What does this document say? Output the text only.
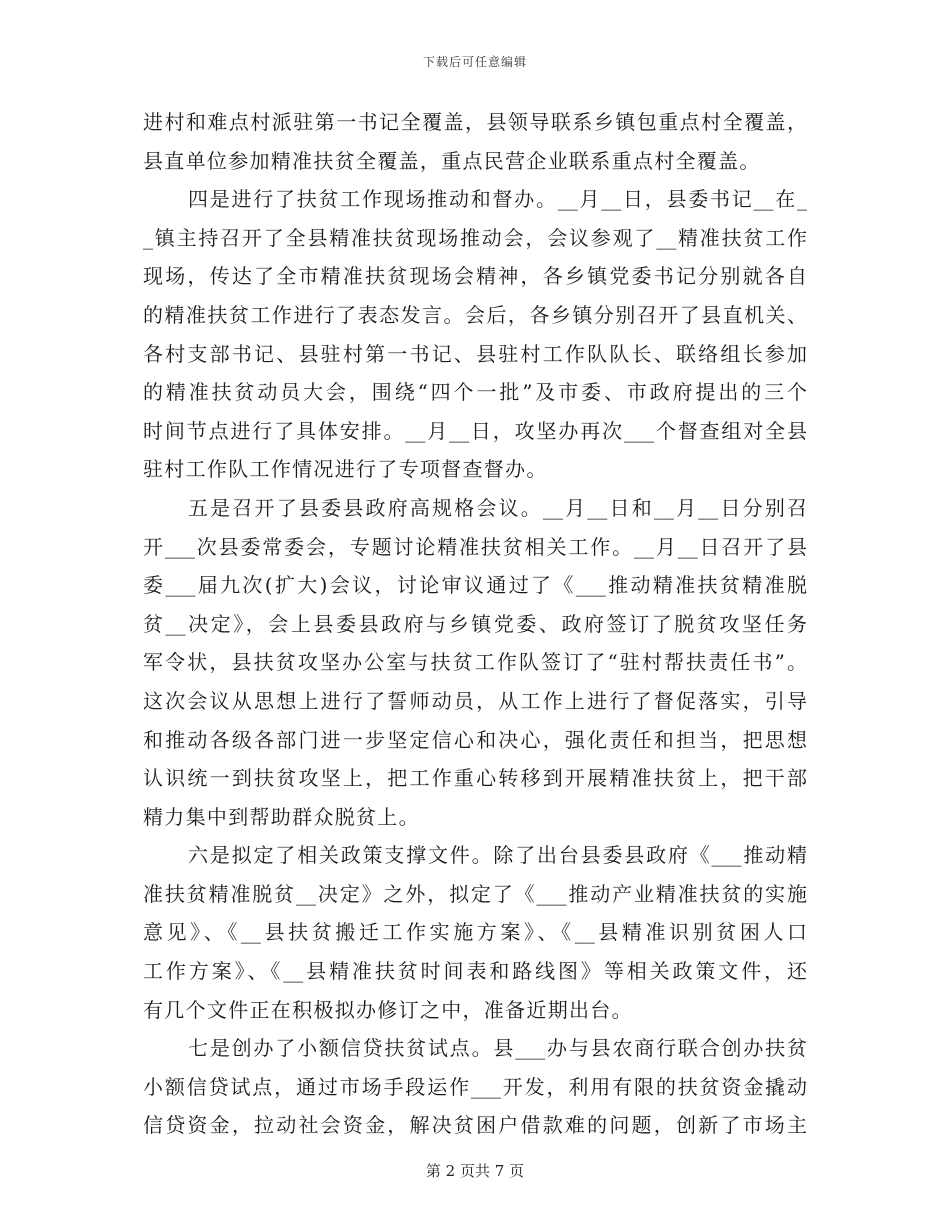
下载后可任意编辑
进村和难点村派驻第一书记全覆盖，县领导联系乡镇包重点村全覆盖，
县直单位参加精准扶贫全覆盖，重点民营企业联系重点村全覆盖。
四是进行了扶贫工作现场推动和督办。__月__日，县委书记__在_
_镇主持召开了全县精准扶贫现场推动会，会议参观了__精准扶贫工作
现场，传达了全市精准扶贫现场会精神，各乡镇党委书记分别就各自
的精准扶贫工作进行了表态发言。会后，各乡镇分别召开了县直机关、
各村支部书记、县驻村第一书记、县驻村工作队队长、联络组长参加
的精准扶贫动员大会，围绕“四个一批”及市委、市政府提出的三个
时间节点进行了具体安排。__月__日，攻坚办再次___个督查组对全县
驻村工作队工作情况进行了专项督查督办。
五是召开了县委县政府高规格会议。__月__日和__月__日分别召
开___次县委常委会，专题讨论精准扶贫相关工作。__月__日召开了县
委___届九次(扩大)会议，讨论审议通过了《___推动精准扶贫精准脱
贫__决定》，会上县委县政府与乡镇党委、政府签订了脱贫攻坚任务
军令状，县扶贫攻坚办公室与扶贫工作队签订了“驻村帮扶责任书”。
这次会议从思想上进行了誓师动员，从工作上进行了督促落实，引导
和推动各级各部门进一步坚定信心和决心，强化责任和担当，把思想
认识统一到扶贫攻坚上，把工作重心转移到开展精准扶贫上，把干部
精力集中到帮助群众脱贫上。
六是拟定了相关政策支撑文件。除了出台县委县政府《___推动精
准扶贫精准脱贫__决定》之外，拟定了《___推动产业精准扶贫的实施
意见》、《__县扶贫搬迁工作实施方案》、《__县精准识别贫困人口
工作方案》、《__县精准扶贫时间表和路线图》等相关政策文件，还
有几个文件正在积极拟办修订之中，准备近期出台。
七是创办了小额信贷扶贫试点。县___办与县农商行联合创办扶贫
小额信贷试点，通过市场手段运作___开发，利用有限的扶贫资金撬动
信贷资金，拉动社会资金，解决贫困户借款难的问题，创新了市场主
第 2 页共 7 页
